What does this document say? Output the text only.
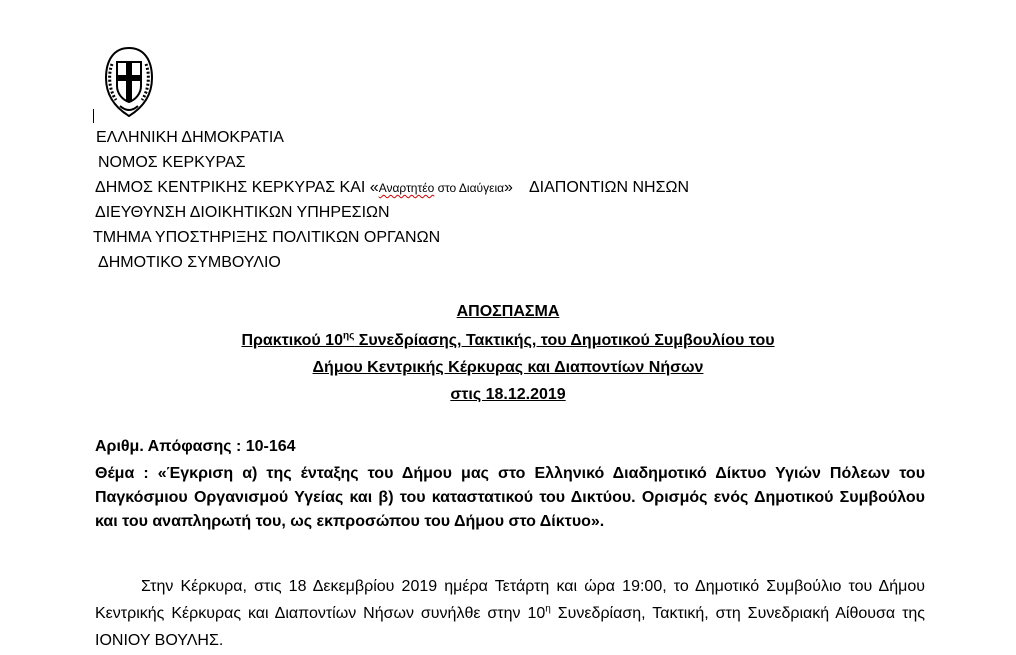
ΕΛΛΗΝΙΚΗ ΔΗΜΟΚΡΑΤΙΑ
ΝΟΜΟΣ ΚΕΡΚΥΡΑΣ
ΔΗΜΟΣ ΚΕΝΤΡΙΚΗΣ ΚΕΡΚΥΡΑΣ ΚΑΙ «Αναρτητέο στο Διαύγεια» ΔΙΑΠΟΝΤΙΩΝ ΝΗΣΩΝ
ΔΙΕΥΘΥΝΣΗ ΔΙΟΙΚΗΤΙΚΩΝ ΥΠΗΡΕΣΙΩΝ
ΤΜΗΜΑ ΥΠΟΣΤΗΡΙΞΗΣ ΠΟΛΙΤΙΚΩΝ ΟΡΓΑΝΩΝ
ΔΗΜΟΤΙΚΟ ΣΥΜΒΟΥΛΙΟ
ΑΠΟΣΠΑΣΜΑ
Πρακτικού $10^{\eta\varsigma}$ Συνεδρίασης, Τακτικής, του Δημοτικού Συμβουλίου του
Δήμου Κεντρικής Κέρκυρας και Διαποντίων Νήσων
στις 18.12.2019
Αριθμ. Απόφασης : 10-164
Θέμα : «Έγκριση α) της ένταξης του Δήμου μας στο Ελληνικό Διαδημοτικό Δίκτυο Υγιών Πόλεων του Παγκόσμιου Οργανισμού Υγείας και β) του καταστατικού του Δικτύου. Ορισμός ενός Δημοτικού Συμβούλου και του αναπληρωτή του, ως εκπροσώπου του Δήμου στο Δίκτυο».
Στην Κέρκυρα, στις 18 Δεκεμβρίου 2019 ημέρα Τετάρτη και ώρα 19:00, το Δημοτικό Συμβούλιο του Δήμου Κεντρικής Κέρκυρας και Διαποντίων Νήσων συνήλθε στην $10^\eta$ Συνεδρίαση, Τακτική, στη Συνεδριακή Αίθουσα της ΙΟΝΙΟΥ ΒΟΥΛΗΣ.
